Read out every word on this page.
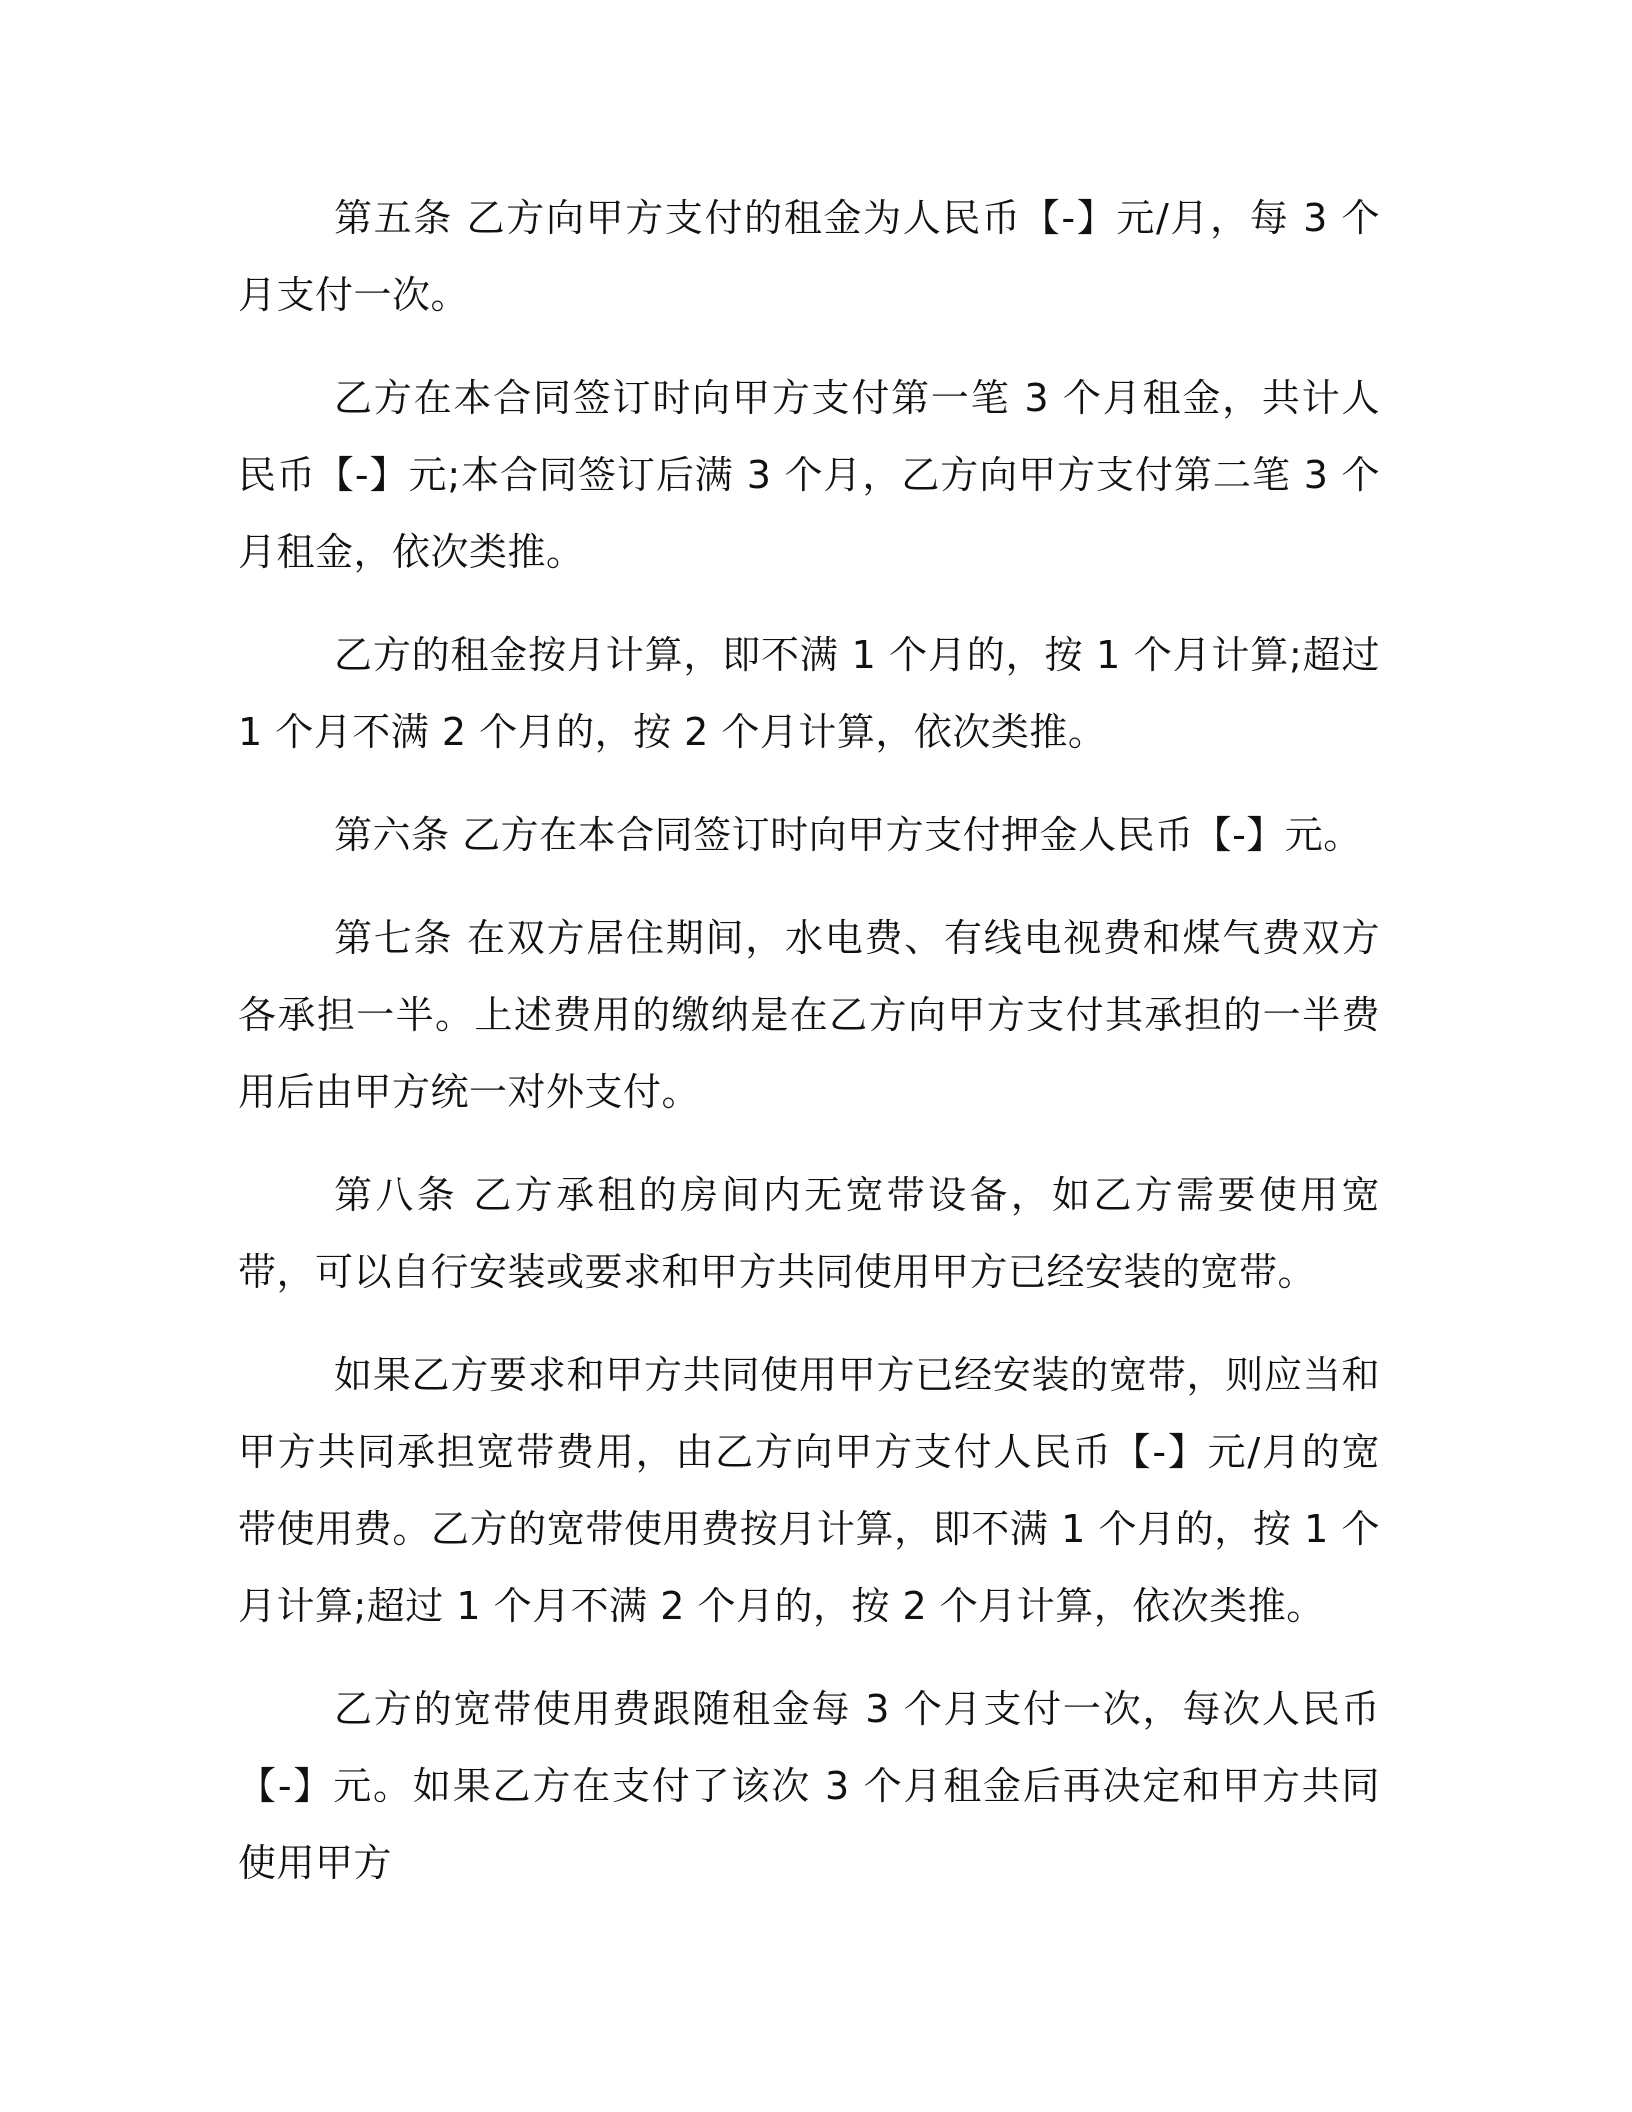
第五条 乙方向甲方支付的租金为人民币【-】元/月，每 3 个月支付一次。

乙方在本合同签订时向甲方支付第一笔 3 个月租金，共计人民币【-】元;本合同签订后满 3 个月，乙方向甲方支付第二笔 3 个月租金，依次类推。

乙方的租金按月计算，即不满 1 个月的，按 1 个月计算;超过 1 个月不满 2 个月的，按 2 个月计算，依次类推。

第六条 乙方在本合同签订时向甲方支付押金人民币【-】元。

第七条 在双方居住期间，水电费、有线电视费和煤气费双方各承担一半。上述费用的缴纳是在乙方向甲方支付其承担的一半费用后由甲方统一对外支付。

第八条 乙方承租的房间内无宽带设备，如乙方需要使用宽带，可以自行安装或要求和甲方共同使用甲方已经安装的宽带。

如果乙方要求和甲方共同使用甲方已经安装的宽带，则应当和甲方共同承担宽带费用，由乙方向甲方支付人民币【-】元/月的宽带使用费。乙方的宽带使用费按月计算，即不满 1 个月的，按 1 个月计算;超过 1 个月不满 2 个月的，按 2 个月计算，依次类推。

乙方的宽带使用费跟随租金每 3 个月支付一次，每次人民币【-】元。如果乙方在支付了该次 3 个月租金后再决定和甲方共同使用甲方
